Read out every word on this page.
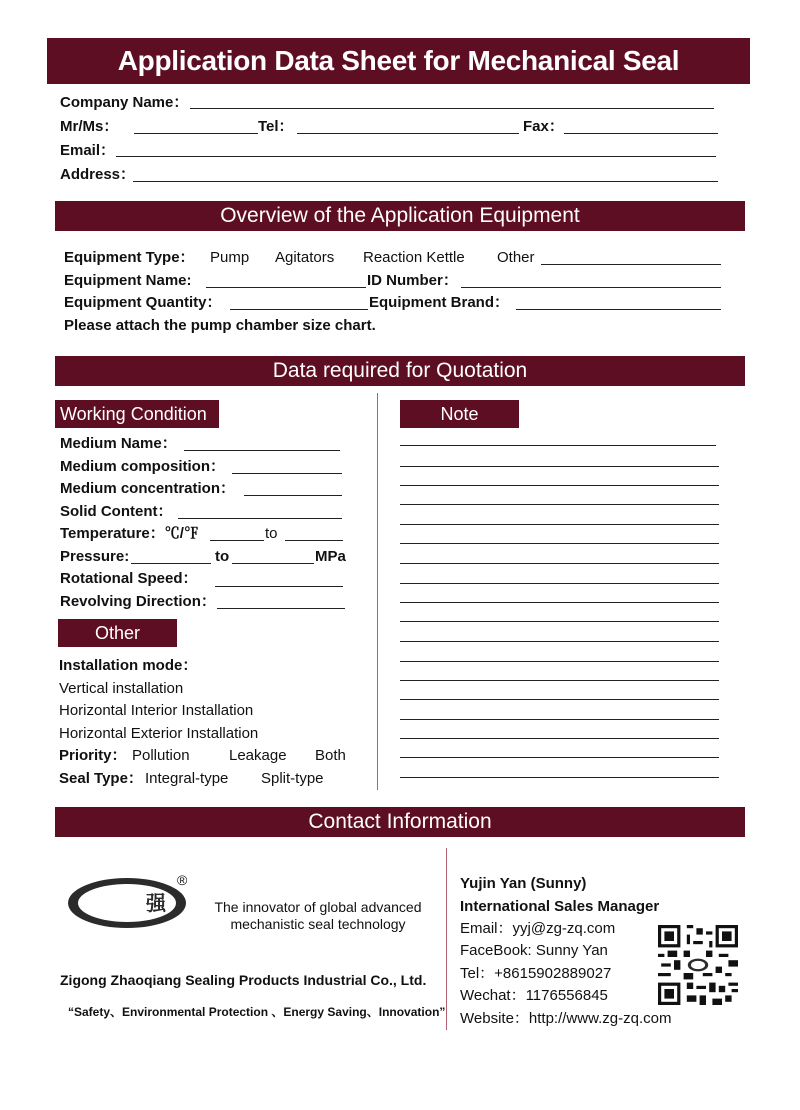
Application Data Sheet for Mechanical Seal
Company Name：
Mr/Ms：	Tel：	Fax：
Email：
Address：
Overview of the Application Equipment
Equipment Type： Pump Agitators Reaction Kettle Other
Equipment Name:	ID Number：
Equipment Quantity：	Equipment Brand：
Please attach the pump chamber size chart.
Data required for Quotation
Working Condition	Note
Medium Name：
Medium composition：
Medium concentration：
Solid Content：
Temperature：℃/℉	to
Pressure:	to	MPa
Rotational Speed：
Revolving Direction：
Other
Installation mode：
Vertical installation
Horizontal Interior Installation
Horizontal Exterior Installation
Priority： Pollution	Leakage Both
Seal Type： Integral-type Split-type
Contact Information
兆 强
®
The innovator of global advanced
mechanistic seal technology
Zigong Zhaoqiang Sealing Products Industrial Co., Ltd.
“Safety、Environmental Protection 、Energy Saving、Innovation”
Yujin Yan (Sunny)
International Sales Manager
Email：yyj@zg-zq.com
FaceBook: Sunny Yan
Tel：+8615902889027
Wechat：1176556845
Website：http://www.zg-zq.com
